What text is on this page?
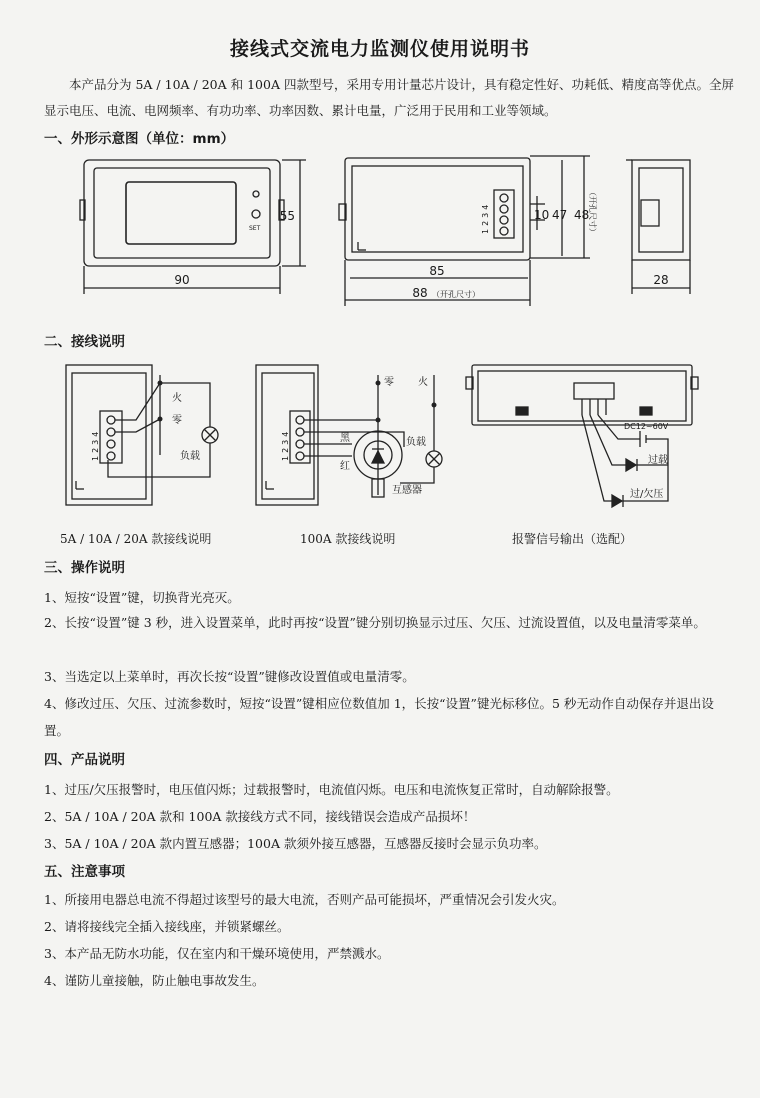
接线式交流电力监测仪使用说明书
本产品分为 5A / 10A / 20A 和 100A 四款型号，采用专用计量芯片设计，具有稳定性好、功耗低、精度高等优点。全屏显示电压、电流、电网频率、有功功率、功率因数、累计电量，广泛用于民用和工业等领域。
一、外形示意图（单位：mm）
SET
55
90
1234	10 47 48
（开孔尺寸）
85
88 （开孔尺寸）
28
二、接线说明
1234
火
零
负载	1234
零 火
黑
红
负载
互感器
DC12~60V
过载
过/欠压
5A / 10A / 20A 款接线说明	100A 款接线说明	报警信号输出（选配）
三、操作说明
1、短按“设置”键，切换背光亮灭。
2、长按“设置”键 3 秒，进入设置菜单，此时再按“设置”键分别切换显示过压、欠压、过流设置值，以及电量清零菜单。
3、当选定以上菜单时，再次长按“设置”键修改设置值或电量清零。
4、修改过压、欠压、过流参数时，短按“设置”键相应位数值加 1，长按“设置”键光标移位。5 秒无动作自动保存并退出设置。
四、产品说明
1、过压/欠压报警时，电压值闪烁；过载报警时，电流值闪烁。电压和电流恢复正常时，自动解除报警。
2、5A / 10A / 20A 款和 100A 款接线方式不同，接线错误会造成产品损坏！
3、5A / 10A / 20A 款内置互感器；100A 款须外接互感器，互感器反接时会显示负功率。
五、注意事项
1、所接用电器总电流不得超过该型号的最大电流，否则产品可能损坏，严重情况会引发火灾。
2、请将接线完全插入接线座，并锁紧螺丝。
3、本产品无防水功能，仅在室内和干燥环境使用，严禁溅水。
4、谨防儿童接触，防止触电事故发生。
